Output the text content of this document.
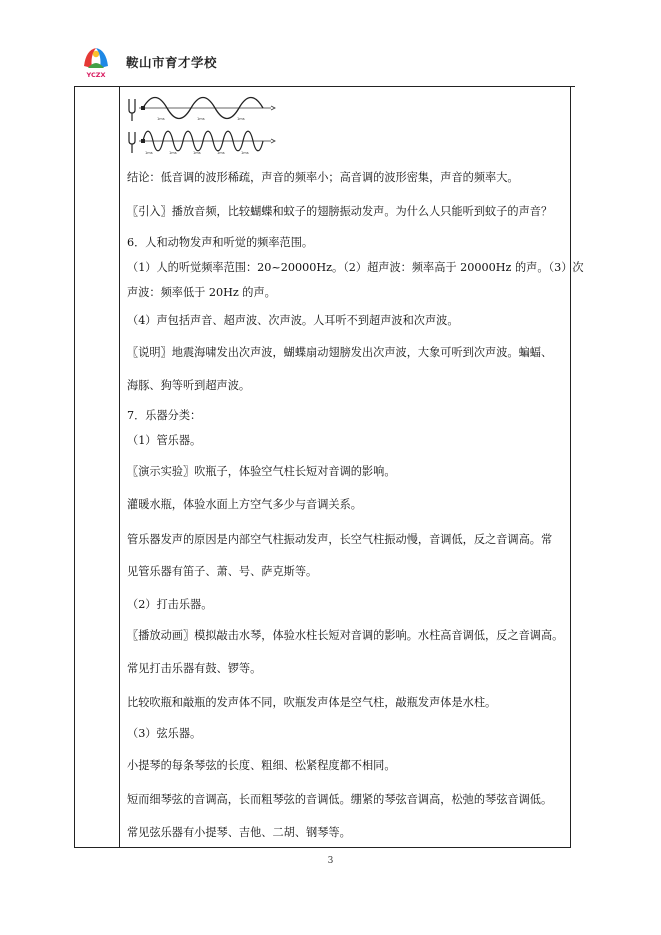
YCZX
鞍山市育才学校
1ms	1ms	1ms
1ms	1ms	1ms	1ms	1ms
结论：低音调的波形稀疏，声音的频率小；高音调的波形密集，声音的频率大。
〖引入〗播放音频，比较蝴蝶和蚊子的翅膀振动发声。为什么人只能听到蚊子的声音？
6．人和动物发声和听觉的频率范围。
（1）人的听觉频率范围：20~20000Hz。（2）超声波：频率高于 20000Hz 的声。（3）次
声波：频率低于 20Hz 的声。
（4）声包括声音、超声波、次声波。人耳听不到超声波和次声波。
〖说明〗地震海啸发出次声波，蝴蝶扇动翅膀发出次声波，大象可听到次声波。蝙蝠、
海豚、狗等听到超声波。
7．乐器分类：
（1）管乐器。
〖演示实验〗吹瓶子，体验空气柱长短对音调的影响。
灌暖水瓶，体验水面上方空气多少与音调关系。
管乐器发声的原因是内部空气柱振动发声，长空气柱振动慢，音调低，反之音调高。常
见管乐器有笛子、萧、号、萨克斯等。
（2）打击乐器。
〖播放动画〗模拟敲击水琴，体验水柱长短对音调的影响。水柱高音调低，反之音调高。
常见打击乐器有鼓、锣等。
比较吹瓶和敲瓶的发声体不同，吹瓶发声体是空气柱，敲瓶发声体是水柱。
（3）弦乐器。
小提琴的每条琴弦的长度、粗细、松紧程度都不相同。
短而细琴弦的音调高，长而粗琴弦的音调低。绷紧的琴弦音调高，松弛的琴弦音调低。
常见弦乐器有小提琴、吉他、二胡、钢琴等。
3
